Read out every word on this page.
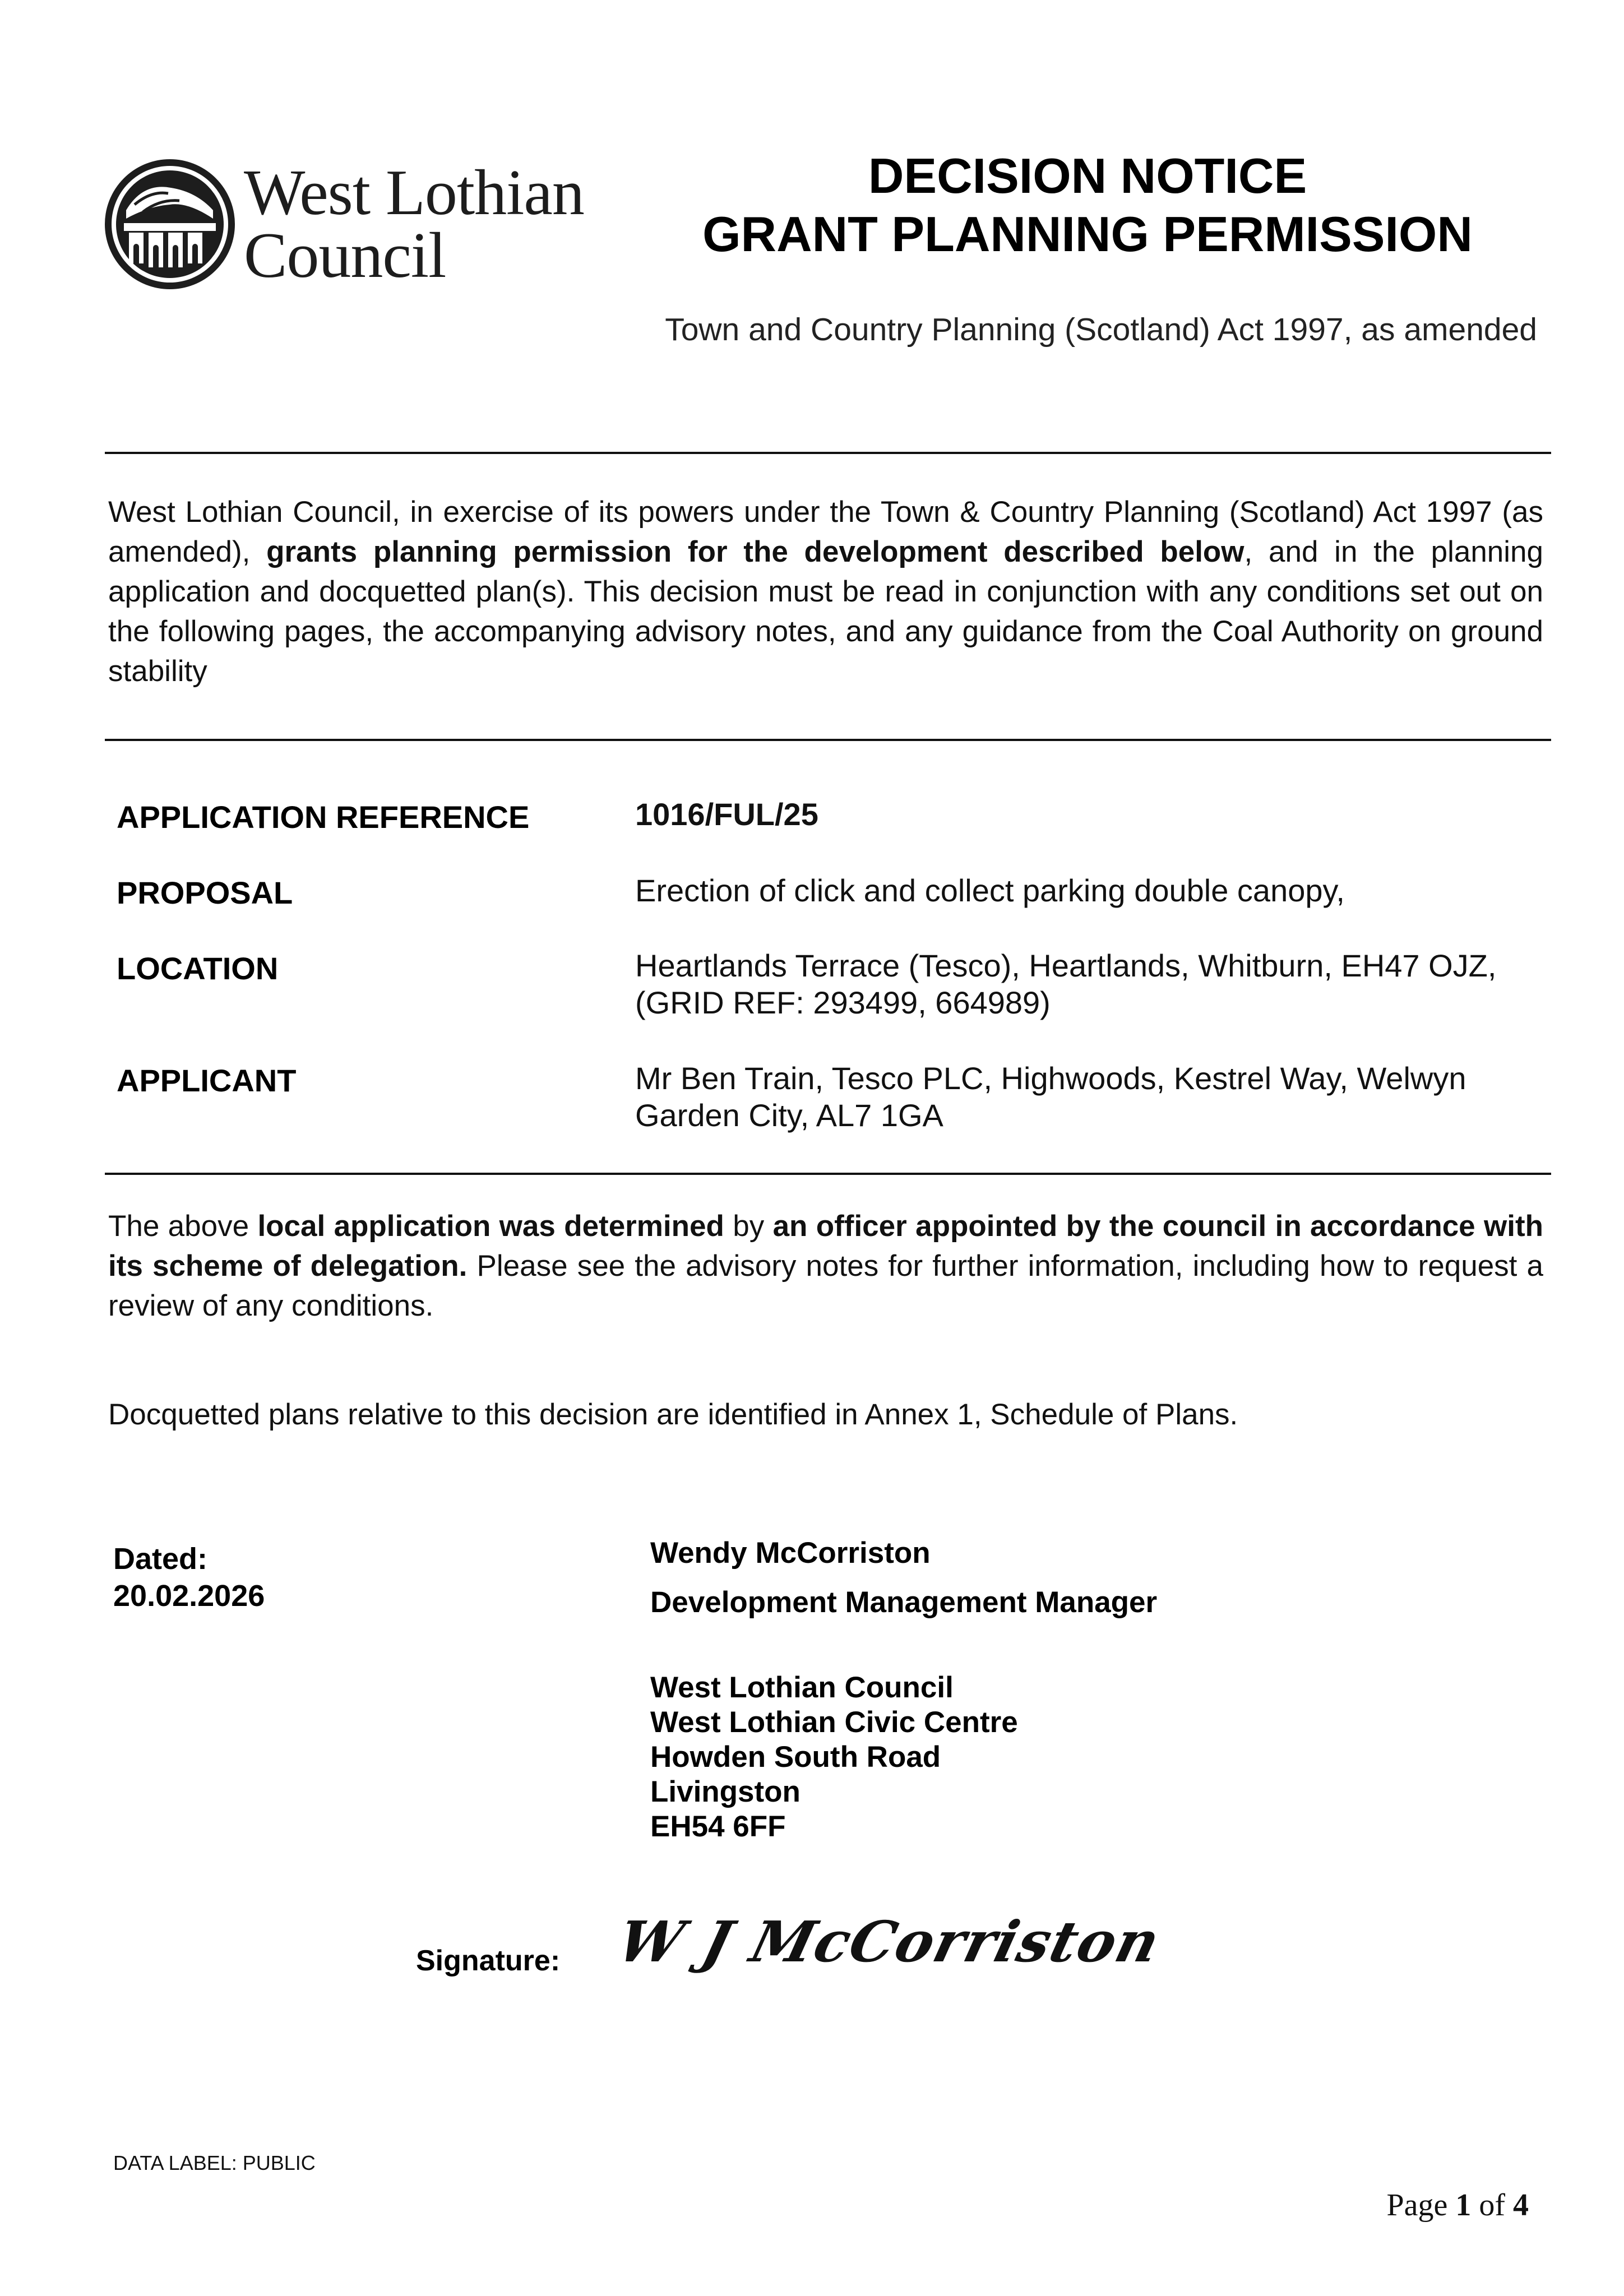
West Lothian
Council
DECISION NOTICE
GRANT PLANNING PERMISSION
Town and Country Planning (Scotland) Act 1997, as amended
West Lothian Council, in exercise of its powers under the Town & Country Planning (Scotland) Act 1997 (as amended), grants planning permission for the development described below, and in the planning application and docquetted plan(s). This decision must be read in conjunction with any conditions set out on the following pages, the accompanying advisory notes, and any guidance from the Coal Authority on ground stability
APPLICATION REFERENCE	1016/FUL/25
PROPOSAL	Erection of click and collect parking double canopy,
LOCATION	Heartlands Terrace (Tesco), Heartlands, Whitburn, EH47 OJZ,
(GRID REF: 293499, 664989)
APPLICANT	Mr Ben Train, Tesco PLC, Highwoods, Kestrel Way, Welwyn
Garden City, AL7 1GA
The above local application was determined by an officer appointed by the council in accordance with its scheme of delegation. Please see the advisory notes for further information, including how to request a review of any conditions.
Docquetted plans relative to this decision are identified in Annex 1, Schedule of Plans.
Dated:
20.02.2026
Wendy McCorriston
Development Management Manager
West Lothian Council
West Lothian Civic Centre
Howden South Road
Livingston
EH54 6FF
Signature: W J McCorriston
DATA LABEL: PUBLIC
Page 1 of 4
